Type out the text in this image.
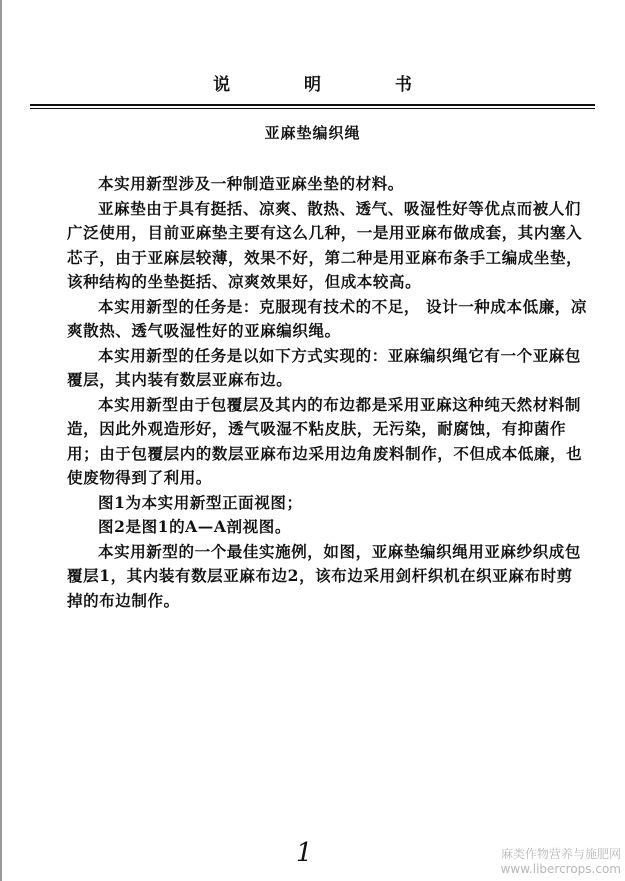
说 明 书
亚麻垫编织绳

本实用新型涉及一种制造亚麻坐垫的材料。

亚麻垫由于具有挺括、凉爽、散热、透气、吸湿性好等优点而被人们广泛使用，目前亚麻垫主要有这么几种，一是用亚麻布做成套，其内塞入芯子，由于亚麻层较薄，效果不好，第二种是用亚麻布条手工编成坐垫，该种结构的坐垫挺括、凉爽效果好，但成本较高。

本实用新型的任务是：克服现有技术的不足， 设计一种成本低廉，凉爽散热、透气吸湿性好的亚麻编织绳。

本实用新型的任务是以如下方式实现的：亚麻编织绳它有一个亚麻包覆层，其内装有数层亚麻布边。

本实用新型由于包覆层及其内的布边都是采用亚麻这种纯天然材料制造，因此外观造形好，透气吸湿不粘皮肤，无污染，耐腐蚀，有抑菌作用；由于包覆层内的数层亚麻布边采用边角废料制作，不但成本低廉，也使废物得到了利用。

图1为本实用新型正面视图；

图2是图1的A—A剖视图。

本实用新型的一个最佳实施例，如图，亚麻垫编织绳用亚麻纱织成包覆层1，其内装有数层亚麻布边2，该布边采用剑杆织机在织亚麻布时剪掉的布边制作。

1	麻类作物营养与施肥网
www.libercrops.com
